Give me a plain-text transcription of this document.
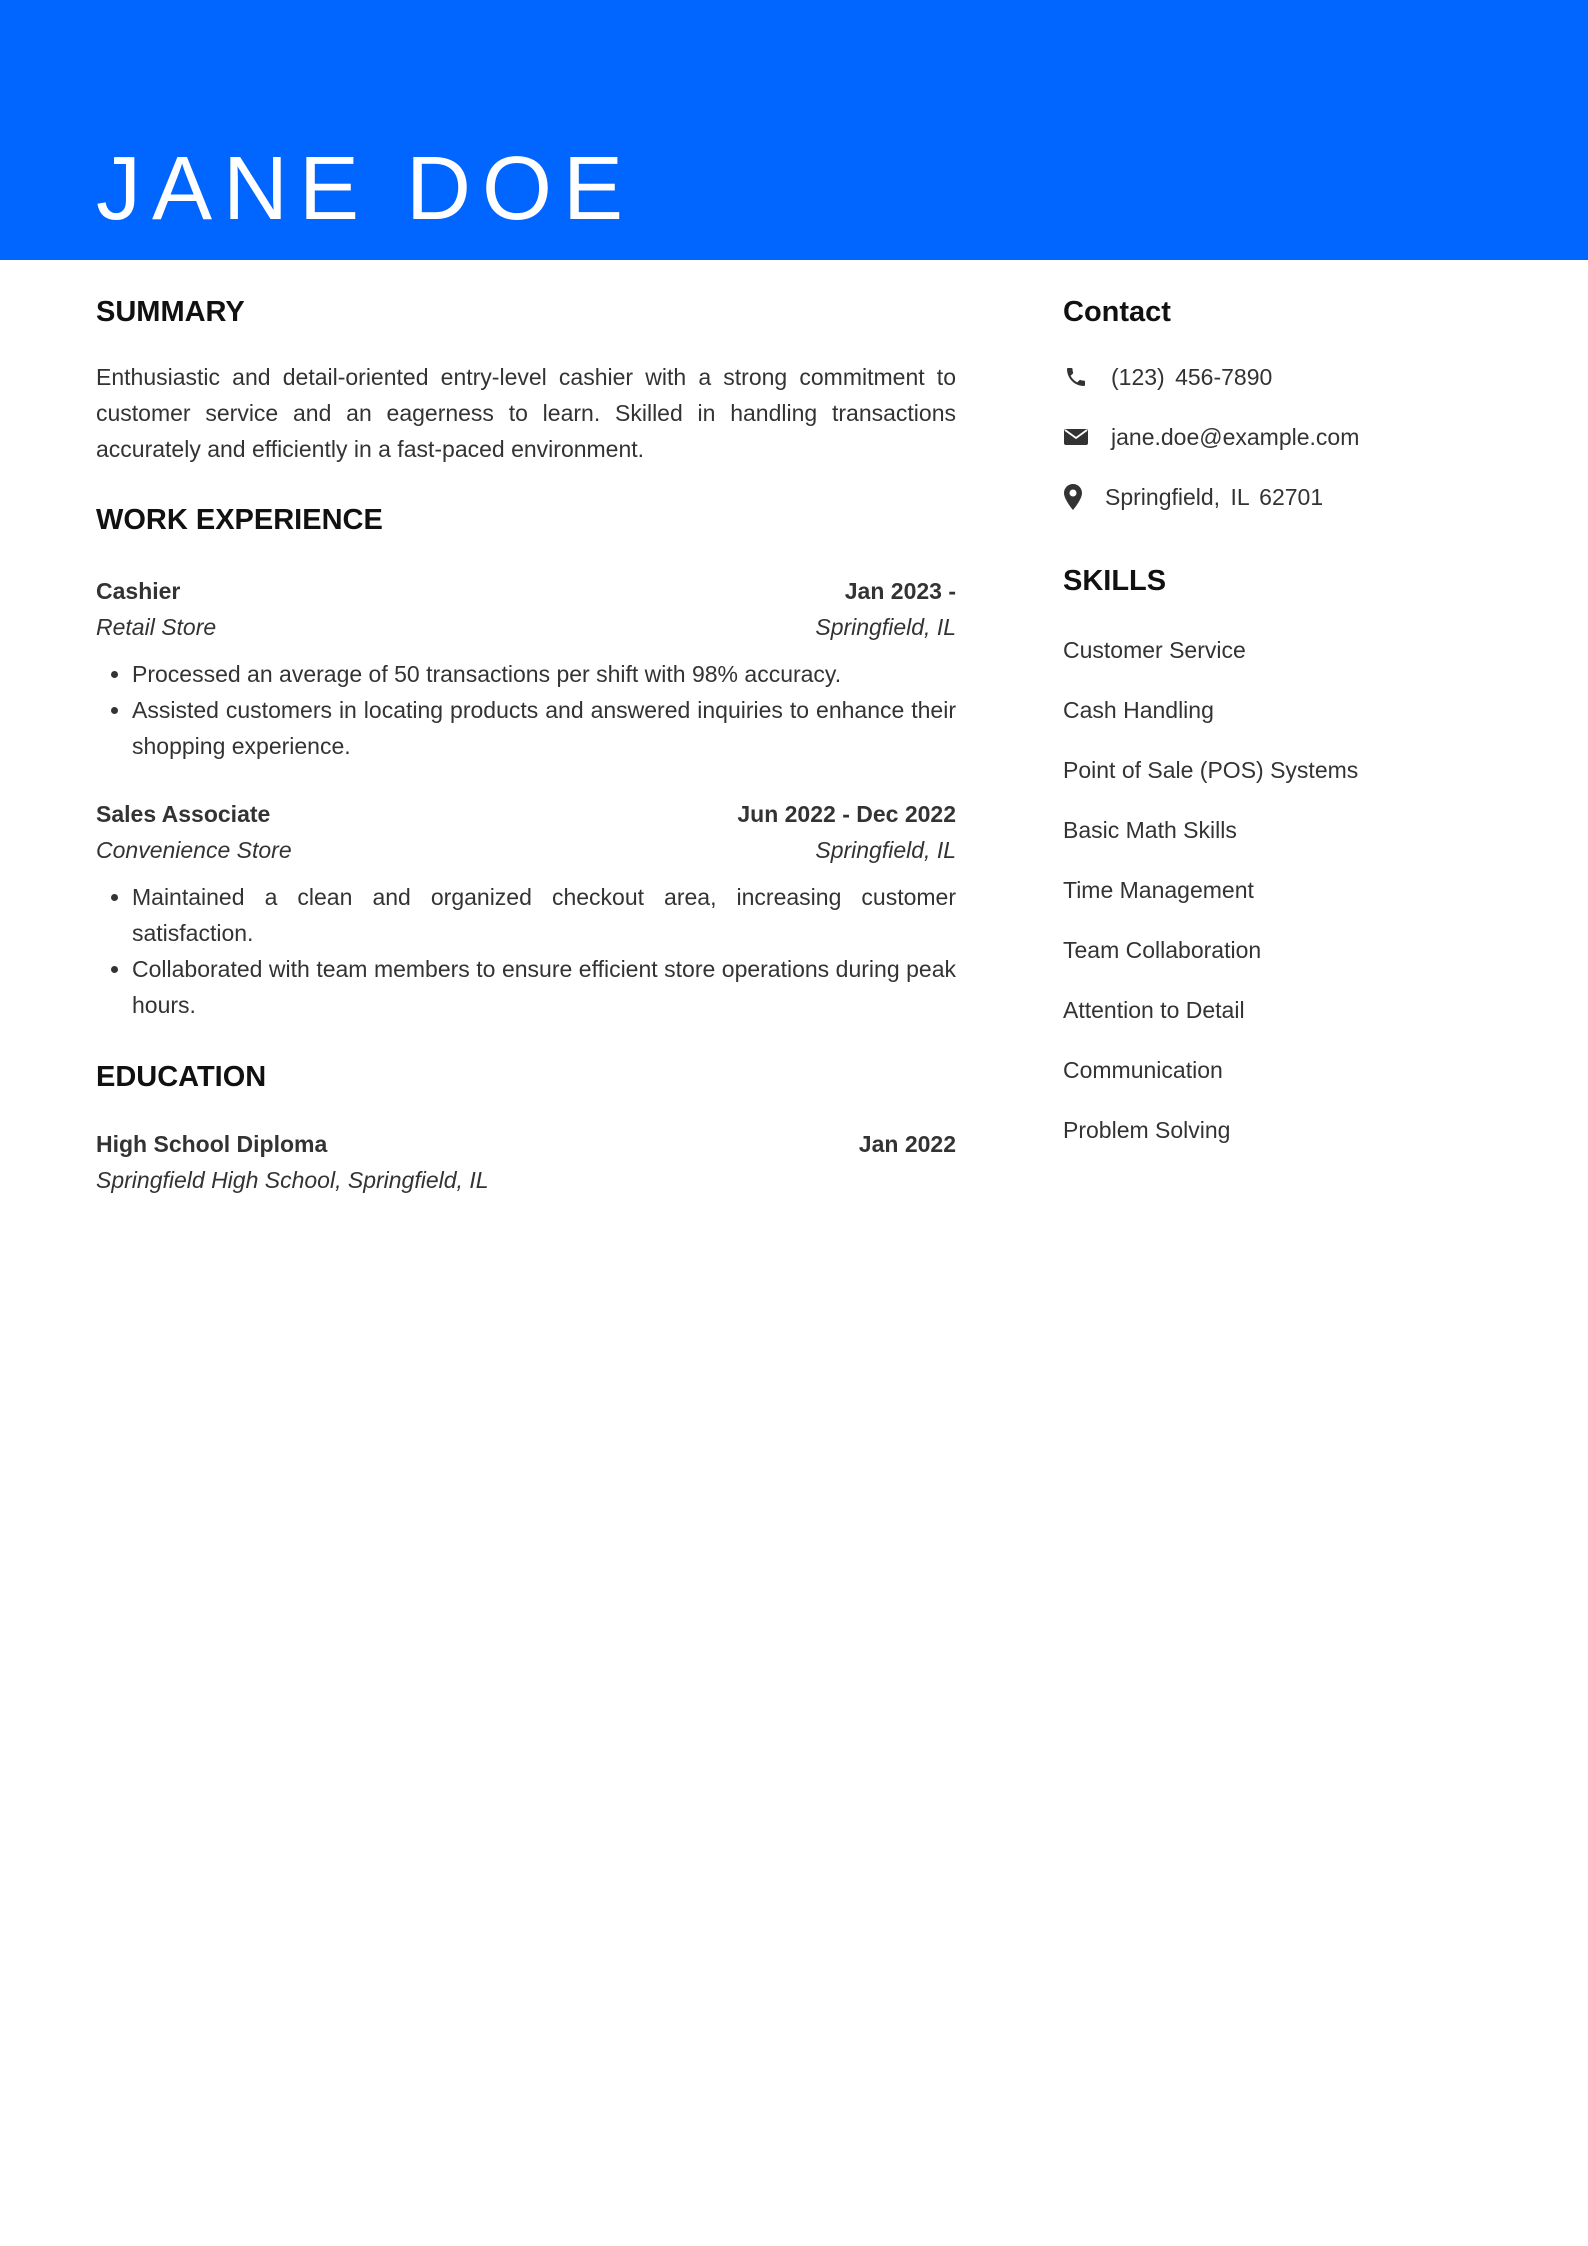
JANE DOE
SUMMARY
Enthusiastic and detail-oriented entry-level cashier with a strong commitment to customer service and an eagerness to learn. Skilled in handling transactions accurately and efficiently in a fast-paced environment.
WORK EXPERIENCE
Cashier	Jan 2023 -
Retail Store	Springfield, IL
• Processed an average of 50 transactions per shift with 98% accuracy.
• Assisted customers in locating products and answered inquiries to enhance their shopping experience.
Sales Associate	Jun 2022 - Dec 2022
Convenience Store	Springfield, IL
• Maintained a clean and organized checkout area, increasing customer satisfaction.
• Collaborated with team members to ensure efficient store operations during peak hours.
EDUCATION
High School Diploma	Jan 2022
Springfield High School, Springfield, IL
Contact
(123) 456-7890
jane.doe@example.com
Springfield, IL 62701
SKILLS
Customer Service
Cash Handling
Point of Sale (POS) Systems
Basic Math Skills
Time Management
Team Collaboration
Attention to Detail
Communication
Problem Solving
